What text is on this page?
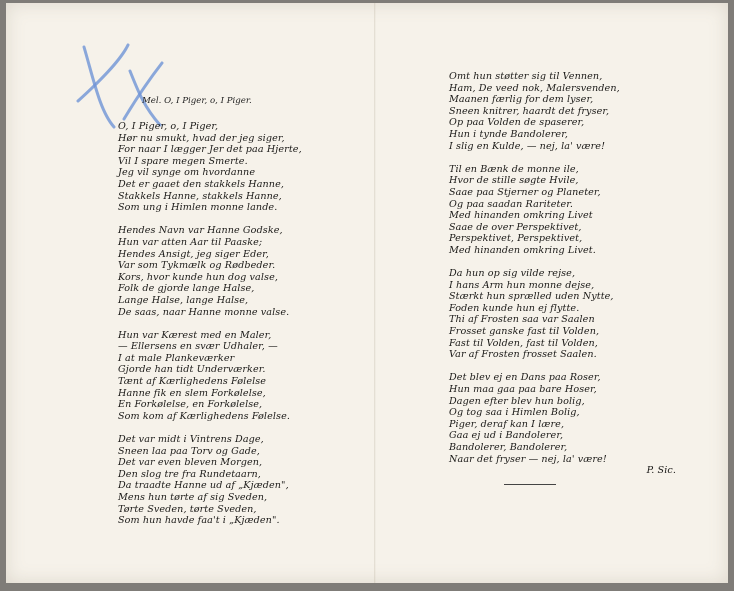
Mel. O, I Piger, o, I Piger.
O, I Piger, o, I Piger,
Hør nu smukt, hvad der jeg siger,
For naar I lægger Jer det paa Hjerte,
Vil I spare megen Smerte.
Jeg vil synge om hvordanne
Det er gaaet den stakkels Hanne,
Stakkels Hanne, stakkels Hanne,
Som ung i Himlen monne lande.
Hendes Navn var Hanne Godske,
Hun var atten Aar til Paaske;
Hendes Ansigt, jeg siger Eder,
Var som Tykmælk og Rødbeder.
Kors, hvor kunde hun dog valse,
Folk de gjorde lange Halse,
Lange Halse, lange Halse,
De saas, naar Hanne monne valse.
Hun var Kærest med en Maler,
— Ellersens en svær Udhaler, —
I at male Plankeværker
Gjorde han tidt Underværker.
Tænt af Kærlighedens Følelse
Hanne fik en slem Forkølelse,
En Forkølelse, en Forkølelse,
Som kom af Kærlighedens Følelse.
Det var midt i Vintrens Dage,
Sneen laa paa Torv og Gade,
Det var even bleven Morgen,
Den slog tre fra Rundetaarn,
Da traadte Hanne ud af „Kjæden",
Mens hun tørte af sig Sveden,
Tørte Sveden, tørte Sveden,
Som hun havde faa't i „Kjæden".
Omt hun støtter sig til Vennen,
Ham, De veed nok, Malersvenden,
Maanen færlig for dem lyser,
Sneen knitrer, haardt det fryser,
Op paa Volden de spaserer,
Hun i tynde Bandolerer,
I slig en Kulde, — nej, la' være!
Til en Bænk de monne ile,
Hvor de stille søgte Hvile,
Saae paa Stjerner og Planeter,
Og paa saadan Rariteter.
Med hinanden omkring Livet
Saae de over Perspektivet,
Perspektivet, Perspektivet,
Med hinanden omkring Livet.
Da hun op sig vilde rejse,
I hans Arm hun monne dejse,
Stærkt hun sprælled uden Nytte,
Foden kunde hun ej flytte.
Thi af Frosten saa var Saalen
Frosset ganske fast til Volden,
Fast til Volden, fast til Volden,
Var af Frosten frosset Saalen.
Det blev ej en Dans paa Roser,
Hun maa gaa paa bare Hoser,
Dagen efter blev hun bolig,
Og tog saa i Himlen Bolig,
Piger, deraf kan I lære,
Gaa ej ud i Bandolerer,
Bandolerer, Bandolerer,
Naar det fryser — nej, la' være!
P. Sic.
